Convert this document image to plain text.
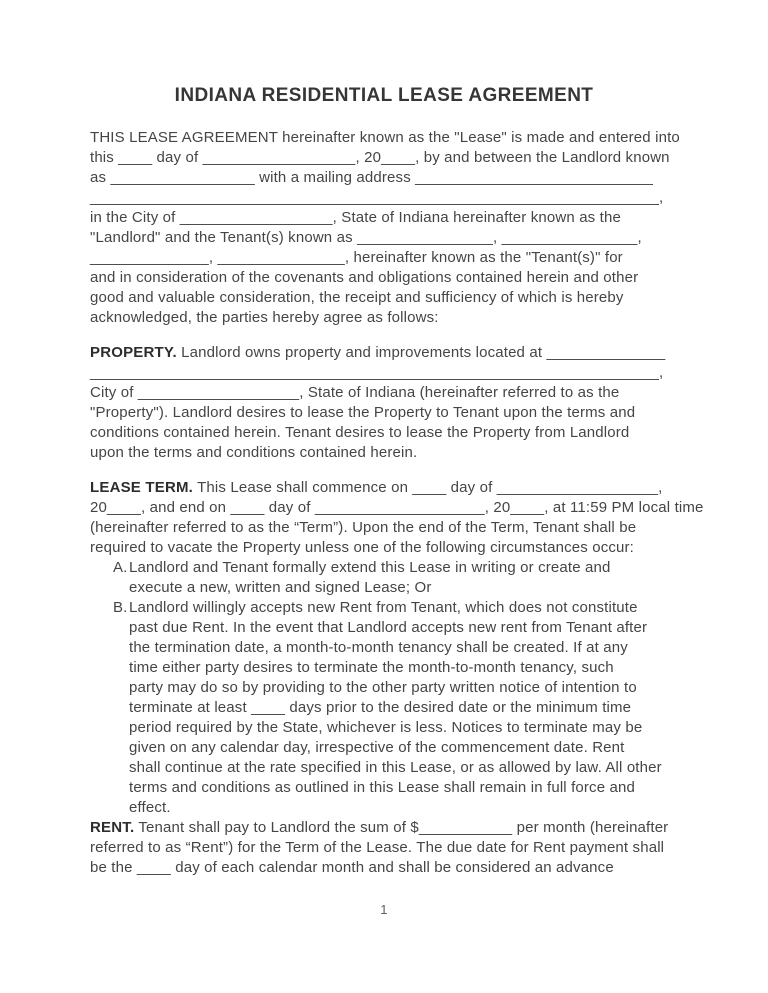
INDIANA RESIDENTIAL LEASE AGREEMENT
THIS LEASE AGREEMENT hereinafter known as the "Lease" is made and entered into
this ____ day of __________________, 20____, by and between the Landlord known
as _________________ with a mailing address ____________________________
___________________________________________________________________,
in the City of __________________, State of Indiana hereinafter known as the
"Landlord" and the Tenant(s) known as ________________, ________________,
______________, _______________, hereinafter known as the "Tenant(s)" for
and in consideration of the covenants and obligations contained herein and other
good and valuable consideration, the receipt and sufficiency of which is hereby
acknowledged, the parties hereby agree as follows:
PROPERTY. Landlord owns property and improvements located at ______________
___________________________________________________________________,
City of ___________________, State of Indiana (hereinafter referred to as the
"Property"). Landlord desires to lease the Property to Tenant upon the terms and
conditions contained herein. Tenant desires to lease the Property from Landlord
upon the terms and conditions contained herein.
LEASE TERM. This Lease shall commence on ____ day of ___________________,
20____, and end on ____ day of ____________________, 20____, at 11:59 PM local time
(hereinafter referred to as the “Term”). Upon the end of the Term, Tenant shall be
required to vacate the Property unless one of the following circumstances occur:
A. Landlord and Tenant formally extend this Lease in writing or create and
execute a new, written and signed Lease; Or
B. Landlord willingly accepts new Rent from Tenant, which does not constitute
past due Rent. In the event that Landlord accepts new rent from Tenant after
the termination date, a month-to-month tenancy shall be created. If at any
time either party desires to terminate the month-to-month tenancy, such
party may do so by providing to the other party written notice of intention to
terminate at least ____ days prior to the desired date or the minimum time
period required by the State, whichever is less. Notices to terminate may be
given on any calendar day, irrespective of the commencement date. Rent
shall continue at the rate specified in this Lease, or as allowed by law. All other
terms and conditions as outlined in this Lease shall remain in full force and
effect.
RENT. Tenant shall pay to Landlord the sum of $___________ per month (hereinafter
referred to as “Rent”) for the Term of the Lease. The due date for Rent payment shall
be the ____ day of each calendar month and shall be considered an advance
1
